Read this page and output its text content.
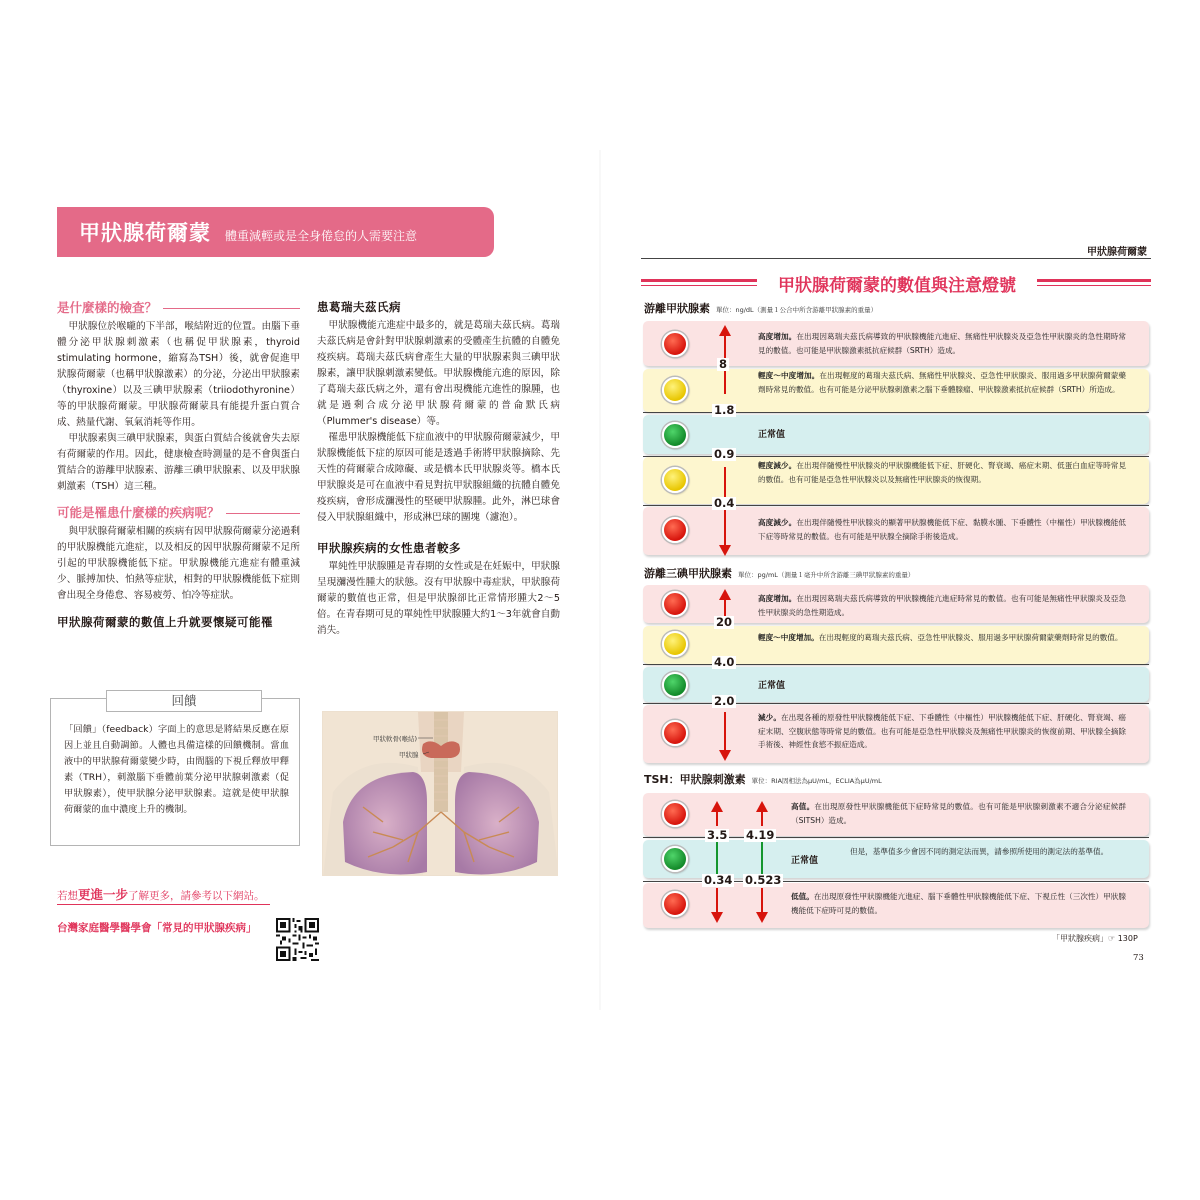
甲狀腺荷爾蒙 體重減輕或是全身倦怠的人需要注意
是什麼樣的檢查？

甲狀腺位於喉嚨的下半部，喉結附近的位置。由腦下垂體分泌甲狀腺刺激素（也稱促甲狀腺素，thyroid stimulating hormone，縮寫為TSH）後，就會促進甲狀腺荷爾蒙（也稱甲狀腺激素）的分泌，分泌出甲狀腺素（thyroxine）以及三碘甲狀腺素（triiodothyronine）等的甲狀腺荷爾蒙。甲狀腺荷爾蒙具有能提升蛋白質合成、熱量代謝、氧氣消耗等作用。

甲狀腺素與三碘甲狀腺素，與蛋白質結合後就會失去原有荷爾蒙的作用。因此，健康檢查時測量的是不會與蛋白質結合的游離甲狀腺素、游離三碘甲狀腺素、以及甲狀腺刺激素（TSH）這三種。

可能是罹患什麼樣的疾病呢？

與甲狀腺荷爾蒙相關的疾病有因甲狀腺荷爾蒙分泌過剩的甲狀腺機能亢進症，以及相反的因甲狀腺荷爾蒙不足所引起的甲狀腺機能低下症。甲狀腺機能亢進症有體重減少、脈搏加快、怕熱等症狀，相對的甲狀腺機能低下症則會出現全身倦怠、容易疲勞、怕冷等症狀。

甲狀腺荷爾蒙的數值上升就要懷疑可能罹
患葛瑞夫茲氏病

甲狀腺機能亢進症中最多的，就是葛瑞夫茲氏病。葛瑞夫茲氏病是會針對甲狀腺刺激素的受體產生抗體的自體免疫疾病。葛瑞夫茲氏病會產生大量的甲狀腺素與三碘甲狀腺素，讓甲狀腺刺激素變低。甲狀腺機能亢進的原因，除了葛瑞夫茲氏病之外，還有會出現機能亢進性的腺腫，也就是過剩合成分泌甲狀腺荷爾蒙的普侖默氏病（Plummer's disease）等。

罹患甲狀腺機能低下症血液中的甲狀腺荷爾蒙減少，甲狀腺機能低下症的原因可能是透過手術將甲狀腺摘除、先天性的荷爾蒙合成障礙、或是橋本氏甲狀腺炎等。橋本氏甲狀腺炎是可在血液中看見對抗甲狀腺組織的抗體自體免疫疾病，會形成瀰漫性的堅硬甲狀腺腫。此外，淋巴球會侵入甲狀腺組織中，形成淋巴球的團塊（濾泡）。

甲狀腺疾病的女性患者較多

單純性甲狀腺腫是青春期的女性或是在妊娠中，甲狀腺呈現瀰漫性腫大的狀態。沒有甲狀腺中毒症狀，甲狀腺荷爾蒙的數值也正常，但是甲狀腺卻比正常情形腫大2～5倍。在青春期可見的單純性甲狀腺腫大約1～3年就會自動消失。

回饋
「回饋」（feedback）字面上的意思是將結果反應在原因上並且自動調節。人體也具備這樣的回饋機制。當血液中的甲狀腺荷爾蒙變少時，由間腦的下視丘釋放甲釋素（TRH），刺激腦下垂體前葉分泌甲狀腺刺激素（促甲狀腺素），使甲狀腺分泌甲狀腺素。這就是使甲狀腺荷爾蒙的血中濃度上升的機制。
甲狀軟骨(喉結)
甲狀腺
若想更進一步了解更多，請參考以下網站。
台灣家庭醫學醫學會「常見的甲狀腺疾病」
甲狀腺荷爾蒙
甲狀腺荷爾蒙的數值與注意燈號
游離甲狀腺素 單位：ng/dL（測量１公合中所含游離甲狀腺素的重量）
8
1.8
0.9
0.4
高度增加。在出現因葛瑞夫茲氏病導致的甲狀腺機能亢進症、無痛性甲狀腺炎及亞急性甲狀腺炎的急性期時常見的數值。也可能是甲狀腺激素抵抗症候群（SRTH）造成。
輕度～中度增加。在出現輕度的葛瑞夫茲氏病、無痛性甲狀腺炎、亞急性甲狀腺炎、服用過多甲狀腺荷爾蒙藥劑時常見的數值。也有可能是分泌甲狀腺刺激素之腦下垂體腺瘤、甲狀腺激素抵抗症候群（SRTH）所造成。
正常值
輕度減少。在出現伴隨慢性甲狀腺炎的甲狀腺機能低下症、肝硬化、腎衰竭、癌症末期、低蛋白血症等時常見的數值。也有可能是亞急性甲狀腺炎以及無痛性甲狀腺炎的恢復期。
高度減少。在出現伴隨慢性甲狀腺炎的顯著甲狀腺機能低下症、黏膜水腫、下垂體性（中樞性）甲狀腺機能低下症等時常見的數值。也有可能是甲狀腺全摘除手術後造成。
游離三碘甲狀腺素 單位：pg/mL（測量１毫升中所含游離三碘甲狀腺素的重量）
20
4.0
2.0
高度增加。在出現因葛瑞夫茲氏病導致的甲狀腺機能亢進症時常見的數值。也有可能是無痛性甲狀腺炎及亞急性甲狀腺炎的急性期造成。
輕度～中度增加。在出現輕度的葛瑞夫茲氏病、亞急性甲狀腺炎、服用過多甲狀腺荷爾蒙藥劑時常見的數值。
正常值
減少。在出現各種的原發性甲狀腺機能低下症、下垂體性（中樞性）甲狀腺機能低下症、肝硬化、腎衰竭、癌症末期、空腹狀態等時常見的數值。也有可能是亞急性甲狀腺炎及無痛性甲狀腺炎的恢復前期、甲狀腺全摘除手術後、神經性食慾不振症造成。
TSH：甲狀腺刺激素 單位：RIA固相法為μU/mL，ECLIA為μU/mL
3.5 4.19
0.34 0.523
高值。在出現原發性甲狀腺機能低下症時常見的數值。也有可能是甲狀腺刺激素不適合分泌症候群（SITSH）造成。
正常值
但是，基準值多少會因不同的測定法而異，請參照所使用的測定法的基準值。
低值。在出現原發性甲狀腺機能亢進症、腦下垂體性甲狀腺機能低下症、下視丘性（三次性）甲狀腺機能低下症時可見的數值。
「甲狀腺疾病」☞ 130P
73
